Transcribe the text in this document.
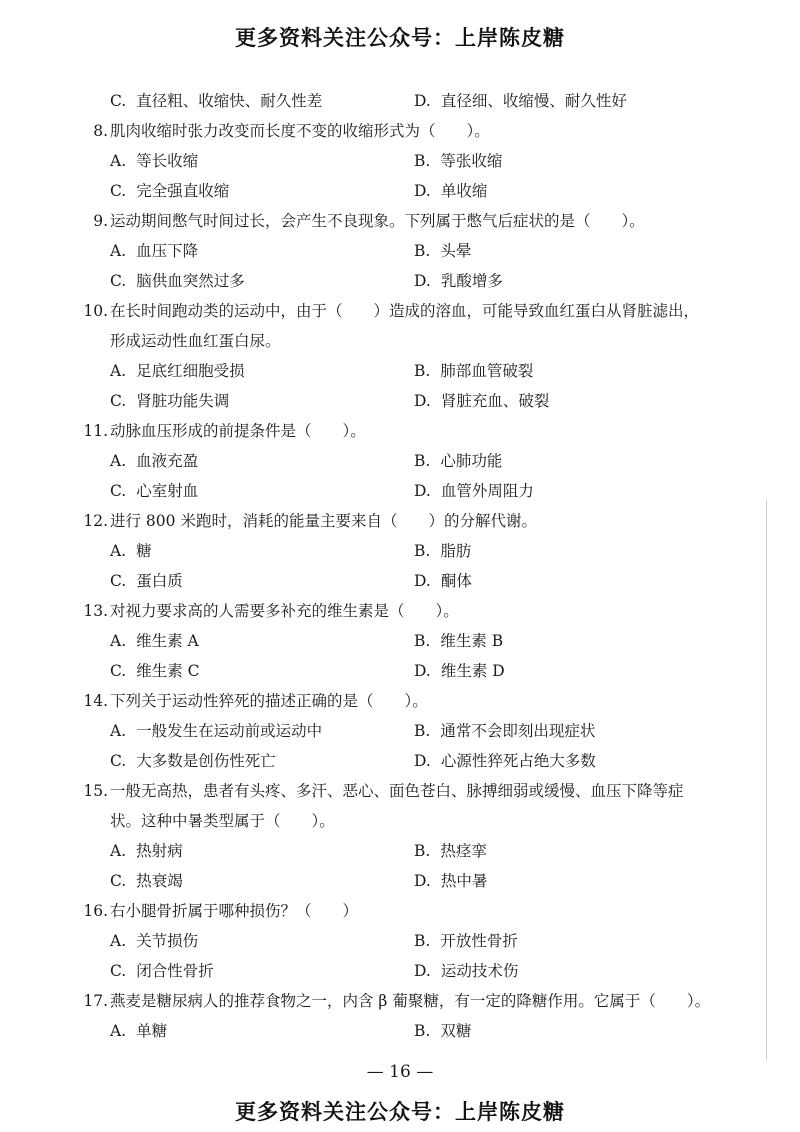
更多资料关注公众号：上岸陈皮糖
C. 直径粗、收缩快、耐久性差	D. 直径细、收缩慢、耐久性好
8. 肌肉收缩时张力改变而长度不变的收缩形式为（　　）。
A. 等长收缩	B. 等张收缩
C. 完全强直收缩	D. 单收缩
9. 运动期间憋气时间过长，会产生不良现象。下列属于憋气后症状的是（　　）。
A. 血压下降	B. 头晕
C. 脑供血突然过多	D. 乳酸增多
10. 在长时间跑动类的运动中，由于（　　）造成的溶血，可能导致血红蛋白从肾脏滤出，
形成运动性血红蛋白尿。
A. 足底红细胞受损	B. 肺部血管破裂
C. 肾脏功能失调	D. 肾脏充血、破裂
11. 动脉血压形成的前提条件是（　　）。
A. 血液充盈	B. 心肺功能
C. 心室射血	D. 血管外周阻力
12. 进行 800 米跑时，消耗的能量主要来自（　　）的分解代谢。
A. 糖	B. 脂肪
C. 蛋白质	D. 酮体
13. 对视力要求高的人需要多补充的维生素是（　　）。
A. 维生素 A	B. 维生素 B
C. 维生素 C	D. 维生素 D
14. 下列关于运动性猝死的描述正确的是（　　）。
A. 一般发生在运动前或运动中	B. 通常不会即刻出现症状
C. 大多数是创伤性死亡	D. 心源性猝死占绝大多数
15. 一般无高热，患者有头疼、多汗、恶心、面色苍白、脉搏细弱或缓慢、血压下降等症
状。这种中暑类型属于（　　）。
A. 热射病	B. 热痉挛
C. 热衰竭	D. 热中暑
16. 右小腿骨折属于哪种损伤？（　　）
A. 关节损伤	B. 开放性骨折
C. 闭合性骨折	D. 运动技术伤
17. 燕麦是糖尿病人的推荐食物之一，内含 β 葡聚糖，有一定的降糖作用。它属于（　　）。
A. 单糖	B. 双糖
— 16 —
更多资料关注公众号：上岸陈皮糖
